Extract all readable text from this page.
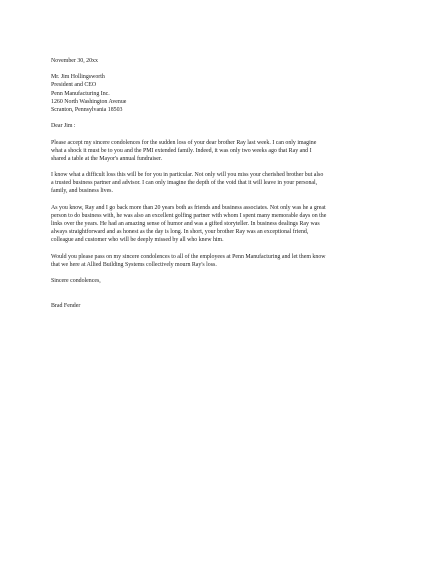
November 30, 20xx
Mr. Jim Hollingsworth
President and CEO
Penn Manufacturing Inc.
1260 North Washington Avenue
Scranton, Pennsylvania 18503
Dear Jim :
Please accept my sincere condolences for the sudden loss of your dear brother Ray last week. I can only imagine
what a shock it must be to you and the PMI extended family. Indeed, it was only two weeks ago that Ray and I
shared a table at the Mayor's annual fundraiser.
I know what a difficult loss this will be for you in particular. Not only will you miss your cherished brother but also
a trusted business partner and advisor. I can only imagine the depth of the void that it will leave in your personal,
family, and business lives.
As you know, Ray and I go back more than 20 years both as friends and business associates. Not only was he a great
person to do business with, he was also an excellent golfing partner with whom I spent many memorable days on the
links over the years. He had an amazing sense of humor and was a gifted storyteller. In business dealings Ray was
always straightforward and as honest as the day is long. In short, your brother Ray was an exceptional friend,
colleague and customer who will be deeply missed by all who knew him.
Would you please pass on my sincere condolences to all of the employees at Penn Manufacturing and let them know
that we here at Allied Building Systems collectively mourn Ray's loss.
Sincere condolences,
Brad Fender
